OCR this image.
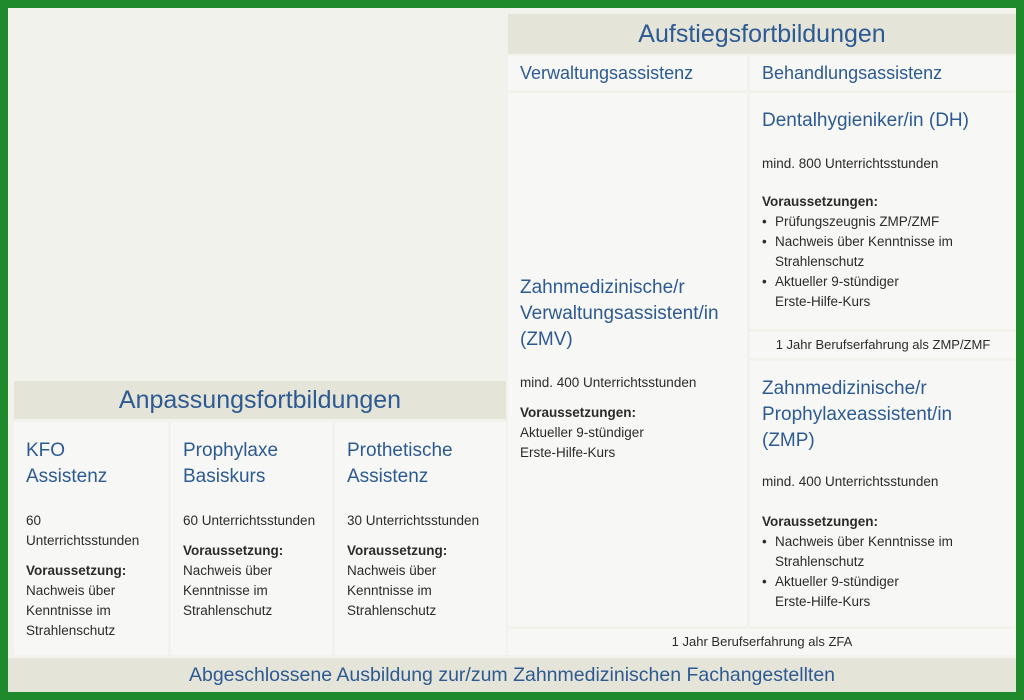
Aufstiegsfortbildungen
Verwaltungsassistenz	Behandlungsassistenz

Zahnmedizinische/r Verwaltungsassistent/in (ZMV)

mind. 400 Unterrichtsstunden

Voraussetzungen:

Aktueller 9-stündiger

Erste-Hilfe-Kurs

Dentalhygieniker/in (DH)

mind. 800 Unterrichtsstunden

Voraussetzungen:

• Prüfungszeugnis ZMP/ZMF
• Nachweis über Kenntnisse im Strahlenschutz
• Aktueller 9-stündiger Erste-Hilfe-Kurs
1 Jahr Berufserfahrung als ZMP/ZMF

Zahnmedizinische/r Prophylaxeassistent/in (ZMP)

mind. 400 Unterrichtsstunden

Voraussetzungen:

• Nachweis über Kenntnisse im Strahlenschutz
• Aktueller 9-stündiger Erste-Hilfe-Kurs
1 Jahr Berufserfahrung als ZFA
Anpassungsfortbildungen

KFO Assistenz

60 Unterrichtsstunden

Voraussetzung:

Nachweis über Kenntnisse im Strahlenschutz

Prophylaxe Basiskurs

60 Unterrichtsstunden

Voraussetzung:

Nachweis über Kenntnisse im Strahlenschutz

Prothetische Assistenz

30 Unterrichtsstunden

Voraussetzung:

Nachweis über Kenntnisse im Strahlenschutz

Abgeschlossene Ausbildung zur/zum Zahnmedizinischen Fachangestellten
